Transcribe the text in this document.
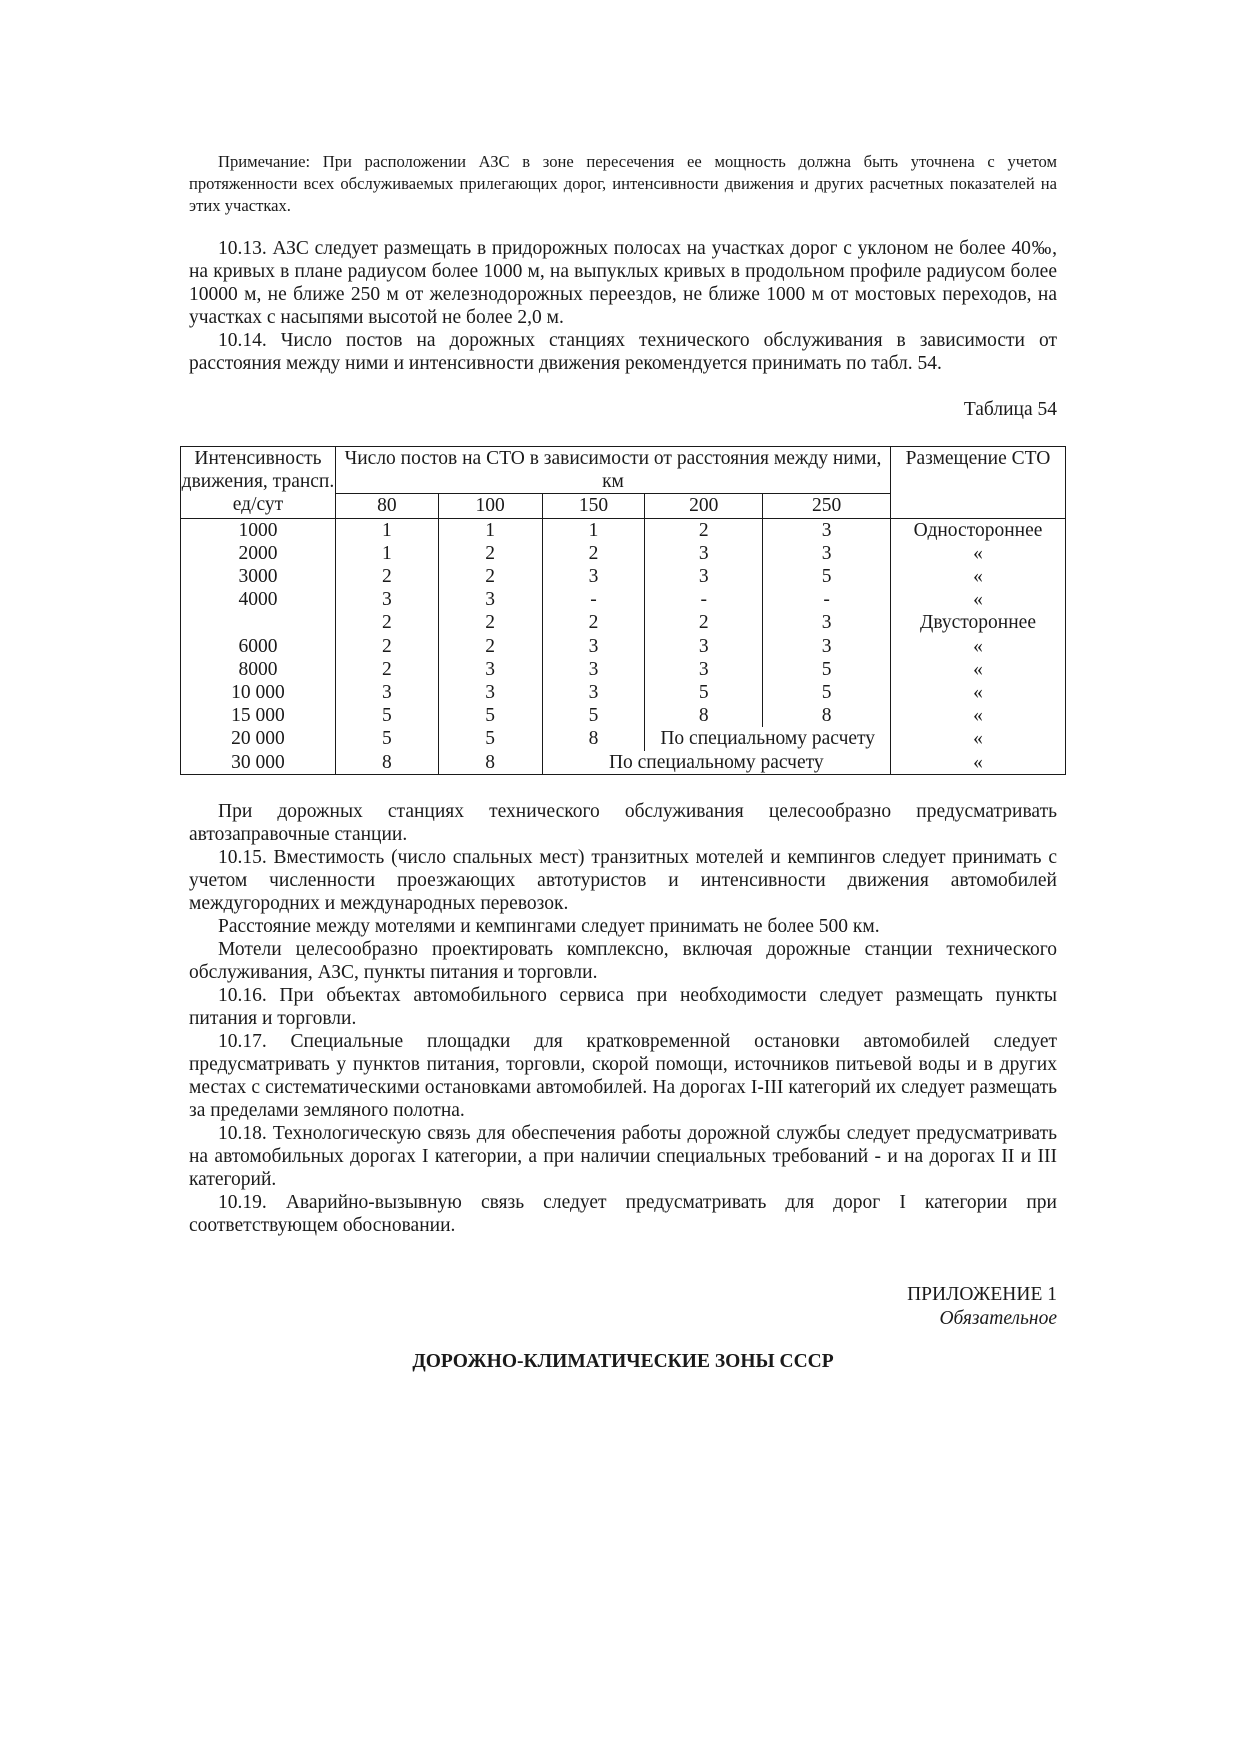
Примечание: При расположении АЗС в зоне пересечения ее мощность должна быть уточнена с учетом протяженности всех обслуживаемых прилегающих дорог, интенсивности движения и других расчетных показателей на этих участках.

10.13. АЗС следует размещать в придорожных полосах на участках дорог с уклоном не более 40‰, на кривых в плане радиусом более 1000 м, на выпуклых кривых в продольном профиле радиусом более 10000 м, не ближе 250 м от железнодорожных переездов, не ближе 1000 м от мостовых переходов, на участках с насыпями высотой не более 2,0 м.

10.14. Число постов на дорожных станциях технического обслуживания в зависимости от расстояния между ними и интенсивности движения рекомендуется принимать по табл. 54.

Таблица 54
Интенсивность движения, трансп. ед/сут	Число постов на СТО в зависимости от расстояния между ними, км					Размещение СТО
	80	100	150	200	250	
1000	1	1	1	2	3	Одностороннее
2000	1	2	2	3	3	«
3000	2	2	3	3	5	«
4000	3	3	-	-	-	«
	2	2	2	2	3	Двустороннее
6000	2	2	3	3	3	«
8000	2	3	3	3	5	«
10 000	3	3	3	5	5	«
15 000	5	5	5	8	8	«
20 000	5	5	8	По специальному расчету		«
30 000	8	8	По специальному расчету			«

При дорожных станциях технического обслуживания целесообразно предусматривать автозаправочные станции.

10.15. Вместимость (число спальных мест) транзитных мотелей и кемпингов следует принимать с учетом численности проезжающих автотуристов и интенсивности движения автомобилей междугородних и международных перевозок.

Расстояние между мотелями и кемпингами следует принимать не более 500 км.

Мотели целесообразно проектировать комплексно, включая дорожные станции технического обслуживания, АЗС, пункты питания и торговли.

10.16. При объектах автомобильного сервиса при необходимости следует размещать пункты питания и торговли.

10.17. Специальные площадки для кратковременной остановки автомобилей следует предусматривать у пунктов питания, торговли, скорой помощи, источников питьевой воды и в других местах с систематическими остановками автомобилей. На дорогах I-III категорий их следует размещать за пределами земляного полотна.

10.18. Технологическую связь для обеспечения работы дорожной службы следует предусматривать на автомобильных дорогах I категории, а при наличии специальных требований - и на дорогах II и III категорий.

10.19. Аварийно-вызывную связь следует предусматривать для дорог I категории при соответствующем обосновании.

ПРИЛОЖЕНИЕ 1
Обязательное
ДОРОЖНО-КЛИМАТИЧЕСКИЕ ЗОНЫ СССР
